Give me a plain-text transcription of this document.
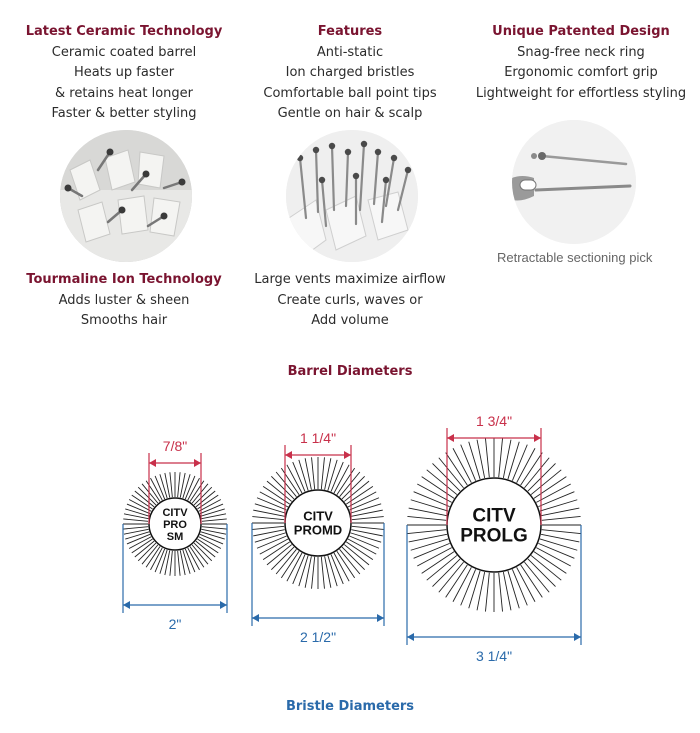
Latest Ceramic Technology
Ceramic coated barrel
Heats up faster
& retains heat longer
Faster & better styling
Features
Anti-static
Ion charged bristles
Comfortable ball point tips
Gentle on hair & scalp
Unique Patented Design
Snag-free neck ring
Ergonomic comfort grip
Lightweight for effortless styling
Retractable sectioning pick
Tourmaline Ion Technology
Adds luster & sheen
Smooths hair
Large vents maximize airflow
Create curls, waves or
Add volume
Barrel Diameters
CITV
PRO
SM
7/8"
2"
CITV
PROMD
1 1/4"
2 1/2"
CITV
PROLG
1 3/4"
3 1/4"
Bristle Diameters
